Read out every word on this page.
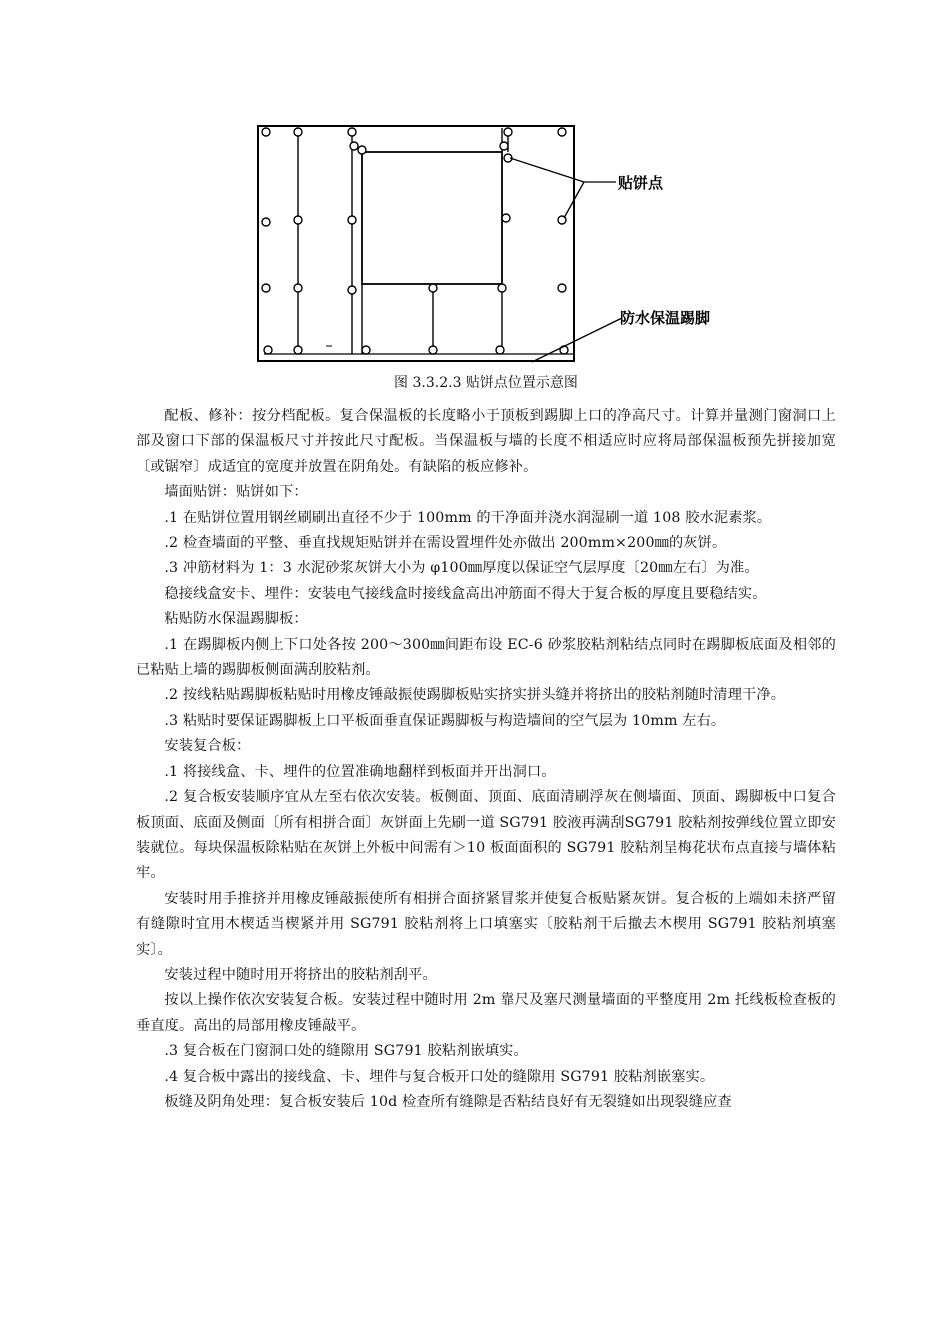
贴饼点
防水保温踢脚
图 3.3.2.3 贴饼点位置示意图

配板、修补：按分档配板。复合保温板的长度略小于顶板到踢脚上口的净高尺寸。计算并量测门窗洞口上部及窗口下部的保温板尺寸并按此尺寸配板。当保温板与墙的长度不相适应时应将局部保温板预先拼接加宽〔或锯窄〕成适宜的宽度并放置在阴角处。有缺陷的板应修补。

墙面贴饼：贴饼如下：

.1 在贴饼位置用钢丝刷刷出直径不少于 100mm 的干净面并浇水润湿刷一道 108 胶水泥素浆。

.2 检查墙面的平整、垂直找规矩贴饼并在需设置埋件处亦做出 200mm×200㎜的灰饼。

.3 冲筋材料为 1：3 水泥砂浆灰饼大小为 φ100㎜厚度以保证空气层厚度〔20㎜左右〕为准。

稳接线盒安卡、埋件：安装电气接线盒时接线盒高出冲筋面不得大于复合板的厚度且要稳结实。

粘贴防水保温踢脚板：

.1 在踢脚板内侧上下口处各按 200～300㎜间距布设 EC-6 砂浆胶粘剂粘结点同时在踢脚板底面及相邻的已粘贴上墙的踢脚板侧面满刮胶粘剂。

.2 按线粘贴踢脚板粘贴时用橡皮锤敲振使踢脚板贴实挤实拼头缝并将挤出的胶粘剂随时清理干净。

.3 粘贴时要保证踢脚板上口平板面垂直保证踢脚板与构造墙间的空气层为 10mm 左右。

安装复合板：

.1 将接线盒、卡、埋件的位置准确地翻样到板面并开出洞口。

.2 复合板安装顺序宜从左至右依次安装。板侧面、顶面、底面清刷浮灰在侧墙面、顶面、踢脚板中口复合板顶面、底面及侧面〔所有相拼合面〕灰饼面上先刷一道 SG791 胶液再满刮SG791 胶粘剂按弹线位置立即安装就位。每块保温板除粘贴在灰饼上外板中间需有＞10 板面面积的 SG791 胶粘剂呈梅花状布点直接与墙体粘牢。

安装时用手推挤并用橡皮锤敲振使所有相拼合面挤紧冒浆并使复合板贴紧灰饼。复合板的上端如未挤严留有缝隙时宜用木楔适当楔紧并用 SG791 胶粘剂将上口填塞实〔胶粘剂干后撤去木楔用 SG791 胶粘剂填塞实〕。

安装过程中随时用开将挤出的胶粘剂刮平。

按以上操作依次安装复合板。安装过程中随时用 2m 靠尺及塞尺测量墙面的平整度用 2m 托线板检查板的垂直度。高出的局部用橡皮锤敲平。

.3 复合板在门窗洞口处的缝隙用 SG791 胶粘剂嵌填实。

.4 复合板中露出的接线盒、卡、埋件与复合板开口处的缝隙用 SG791 胶粘剂嵌塞实。

板缝及阴角处理：复合板安装后 10d 检查所有缝隙是否粘结良好有无裂缝如出现裂缝应查
